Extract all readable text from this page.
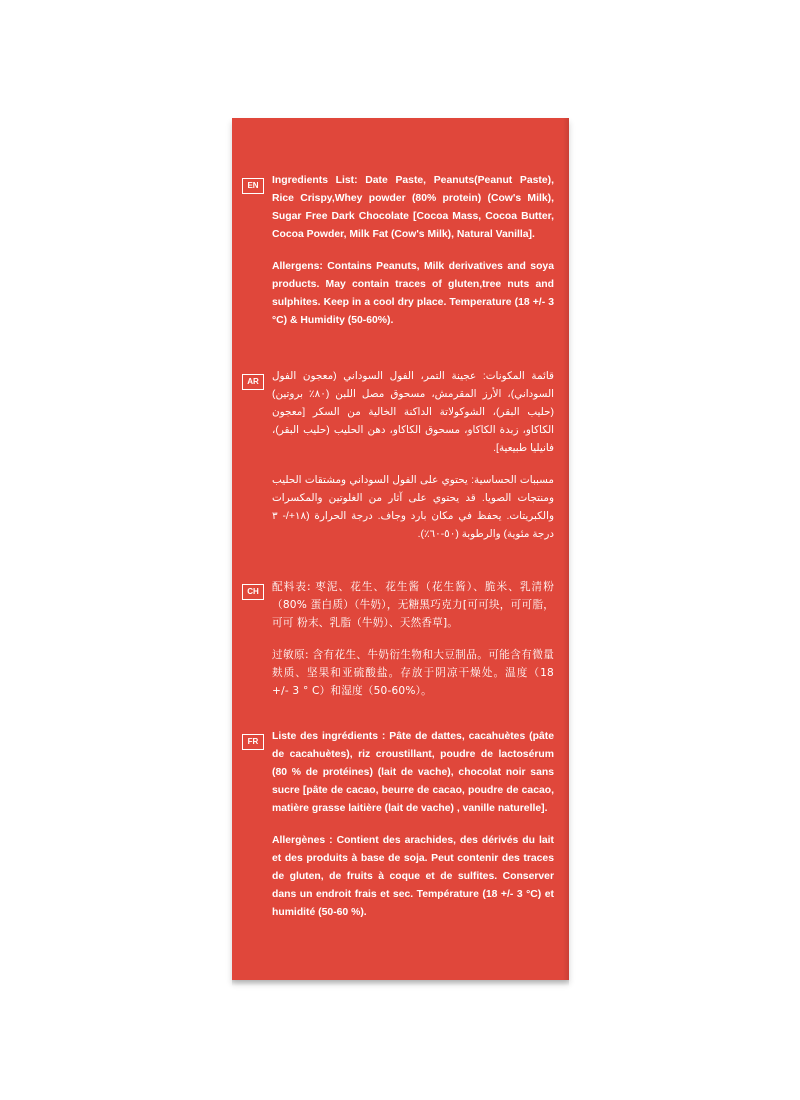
EN	Ingredients List: Date Paste, Peanuts(Peanut Paste), Rice Crispy,Whey powder (80% protein) (Cow's Milk), Sugar Free Dark Chocolate [Cocoa Mass, Cocoa Butter, Cocoa Powder, Milk Fat (Cow's Milk), Natural Vanilla].

Allergens: Contains Peanuts, Milk derivatives and soya products. May contain traces of gluten,tree nuts and sulphites. Keep in a cool dry place. Temperature (18 +/- 3 °C) & Humidity (50-60%).

AR	قائمة المكونات: عجينة التمر، الفول السوداني (معجون الفول السوداني)، الأرز المقرمش، مسحوق مصل اللبن (٨٠٪ بروتين) (حليب البقر)، الشوكولاتة الداكنة الخالية من السكر [معجون الكاكاو، زبدة الكاكاو، مسحوق الكاكاو، دهن الحليب (حليب البقر)، فانيليا طبيعية].

مسببات الحساسية: يحتوي على الفول السوداني ومشتقات الحليب ومنتجات الصويا. قد يحتوي على آثار من الغلوتين والمكسرات والكبريتات. يحفظ في مكان بارد وجاف. درجة الحرارة (١٨+/- ٣ درجة مئوية) والرطوبة (٥٠-٦٠٪).

CH	配料表: 枣泥、花生、花生酱（花生酱）、脆米、乳清粉（80% 蛋白质）（牛奶），无糖黑巧克力[可可块，可可脂，可可 粉末、乳脂（牛奶）、天然香草]。

过敏原: 含有花生、牛奶衍生物和大豆制品。可能含有微量麸质、坚果和亚硫酸盐。存放于阴凉干燥处。温度（18 +/- 3 ° C）和湿度（50-60%）。

FR	Liste des ingrédients : Pâte de dattes, cacahuètes (pâte de cacahuètes), riz croustillant, poudre de lactosérum (80 % de protéines) (lait de vache), chocolat noir sans sucre [pâte de cacao, beurre de cacao, poudre de cacao, matière grasse laitière (lait de vache) , vanille naturelle].

Allergènes : Contient des arachides, des dérivés du lait et des produits à base de soja. Peut contenir des traces de gluten, de fruits à coque et de sulfites. Conserver dans un endroit frais et sec. Température (18 +/- 3 °C) et humidité (50-60 %).
